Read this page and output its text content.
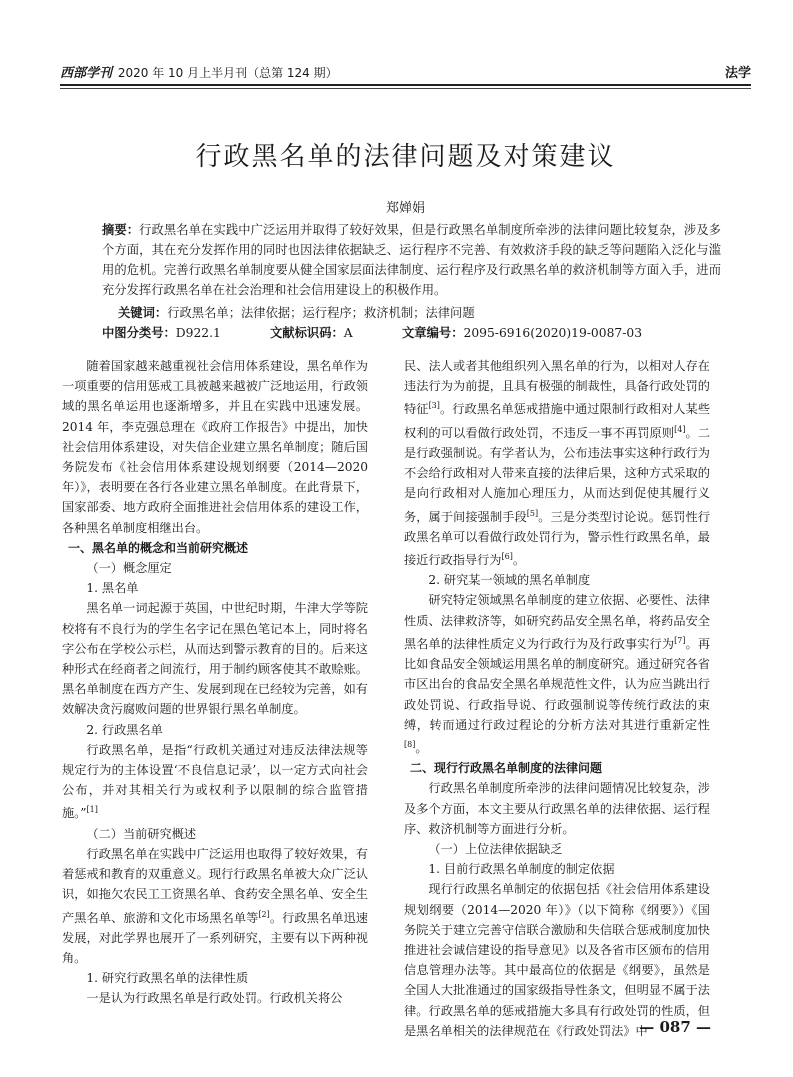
西部学刊 2020 年 10 月上半月刊（总第 124 期）	法学
行政黑名单的法律问题及对策建议
郑婵娟
摘要：行政黑名单在实践中广泛运用并取得了较好效果，但是行政黑名单制度所牵涉的法律问题比较复杂，涉及多个方面，其在充分发挥作用的同时也因法律依据缺乏、运行程序不完善、有效救济手段的缺乏等问题陷入泛化与滥用的危机。完善行政黑名单制度要从健全国家层面法律制度、运行程序及行政黑名单的救济机制等方面入手，进而充分发挥行政黑名单在社会治理和社会信用建设上的积极作用。
关键词：行政黑名单；法律依据；运行程序；救济机制；法律问题
中图分类号：D922.1	文献标识码：A	文章编号：2095-6916(2020)19-0087-03

随着国家越来越重视社会信用体系建设，黑名单作为一项重要的信用惩戒工具被越来越被广泛地运用，行政领域的黑名单运用也逐渐增多，并且在实践中迅速发展。2014 年，李克强总理在《政府工作报告》中提出，加快社会信用体系建设，对失信企业建立黑名单制度；随后国务院发布《社会信用体系建设规划纲要（2014—2020 年）》，表明要在各行各业建立黑名单制度。在此背景下，国家部委、地方政府全面推进社会信用体系的建设工作，各种黑名单制度相继出台。

一、黑名单的概念和当前研究概述

（一）概念厘定

1. 黑名单

黑名单一词起源于英国，中世纪时期，牛津大学等院校将有不良行为的学生名字记在黑色笔记本上，同时将名字公布在学校公示栏，从而达到警示教育的目的。后来这种形式在经商者之间流行，用于制约顾客使其不敢赊账。黑名单制度在西方产生、发展到现在已经较为完善，如有效解决贪污腐败问题的世界银行黑名单制度。

2. 行政黑名单

行政黑名单，是指“行政机关通过对违反法律法规等规定行为的主体设置‘不良信息记录’，以一定方式向社会公布，并对其相关行为或权利予以限制的综合监管措施。”[1]

（二）当前研究概述

行政黑名单在实践中广泛运用也取得了较好效果，有着惩戒和教育的双重意义。现行行政黑名单被大众广泛认识，如拖欠农民工工资黑名单、食药安全黑名单、安全生产黑名单、旅游和文化市场黑名单等[2]。行政黑名单迅速发展，对此学界也展开了一系列研究，主要有以下两种视角。

1. 研究行政黑名单的法律性质

一是认为行政黑名单是行政处罚。行政机关将公

民、法人或者其他组织列入黑名单的行为，以相对人存在违法行为为前提，且具有极强的制裁性，具备行政处罚的特征[3]。行政黑名单惩戒措施中通过限制行政相对人某些权利的可以看做行政处罚，不违反一事不再罚原则[4]。二是行政强制说。有学者认为，公布违法事实这种行政行为不会给行政相对人带来直接的法律后果，这种方式采取的是向行政相对人施加心理压力，从而达到促使其履行义务，属于间接强制手段[5]。三是分类型讨论说。惩罚性行政黑名单可以看做行政处罚行为，警示性行政黑名单，最接近行政指导行为[6]。

2. 研究某一领域的黑名单制度

研究特定领域黑名单制度的建立依据、必要性、法律性质、法律救济等，如研究药品安全黑名单，将药品安全黑名单的法律性质定义为行政行为及行政事实行为[7]。再比如食品安全领域运用黑名单的制度研究。通过研究各省市区出台的食品安全黑名单规范性文件，认为应当跳出行政处罚说、行政指导说、行政强制说等传统行政法的束缚，转而通过行政过程论的分析方法对其进行重新定性[8]。

二、现行行政黑名单制度的法律问题

行政黑名单制度所牵涉的法律问题情况比较复杂，涉及多个方面，本文主要从行政黑名单的法律依据、运行程序、救济机制等方面进行分析。

（一）上位法律依据缺乏

1. 目前行政黑名单制度的制定依据

现行行政黑名单制定的依据包括《社会信用体系建设规划纲要（2014—2020 年）》（以下简称《纲要》）《国务院关于建立完善守信联合激励和失信联合惩戒制度加快推进社会诚信建设的指导意见》以及各省市区颁布的信用信息管理办法等。其中最高位的依据是《纲要》，虽然是全国人大批准通过的国家级指导性条文，但明显不属于法律。行政黑名单的惩戒措施大多具有行政处罚的性质，但是黑名单相关的法律规范在《行政处罚法》中

— 087 —
